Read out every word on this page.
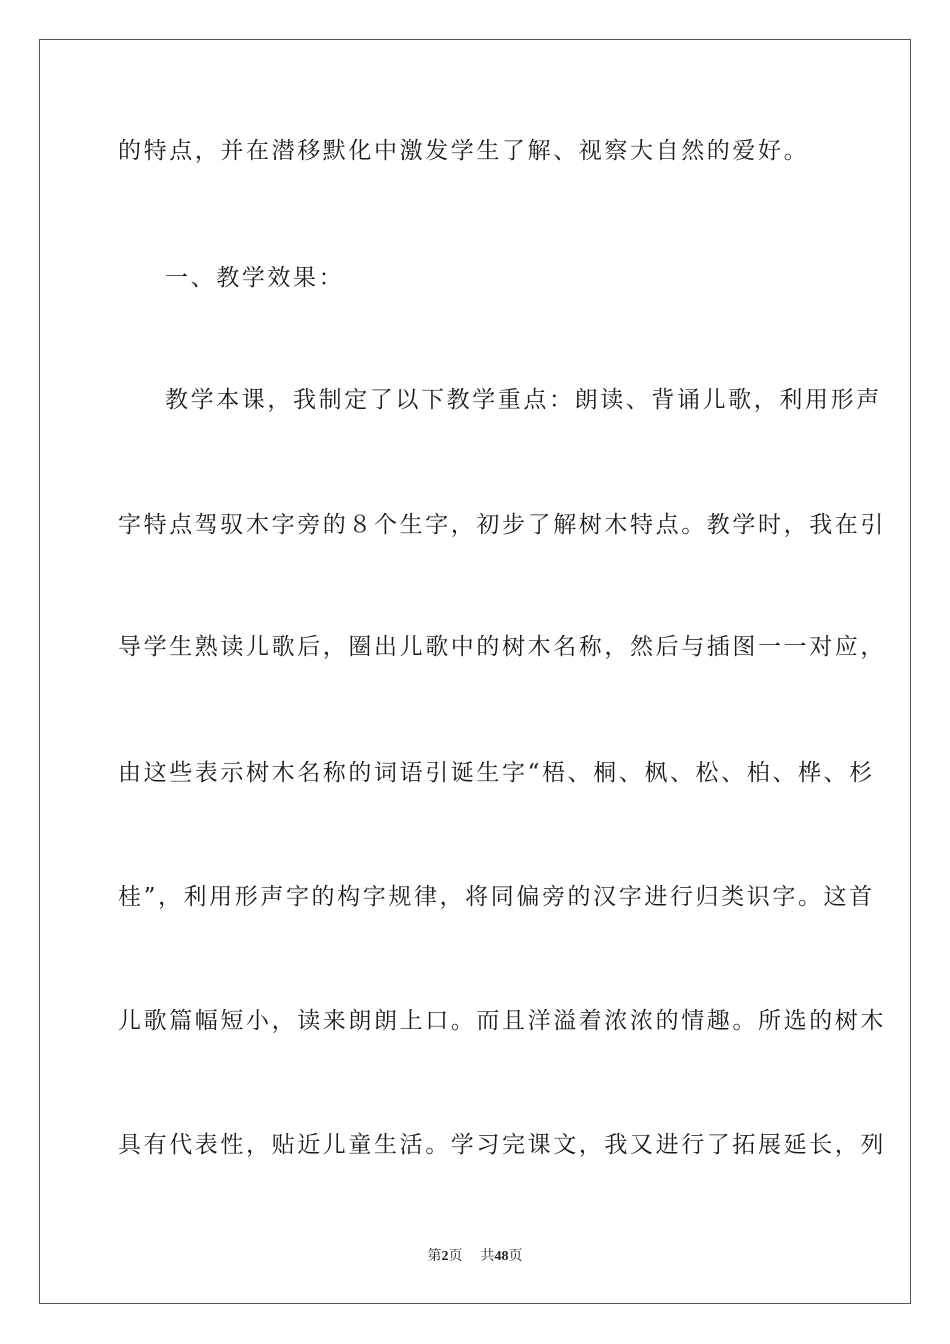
的特点，并在潜移默化中激发学生了解、视察大自然的爱好。
一、教学效果：
教学本课，我制定了以下教学重点：朗读、背诵儿歌，利用形声
字特点驾驭木字旁的８个生字，初步了解树木特点。教学时，我在引
导学生熟读儿歌后，圈出儿歌中的树木名称，然后与插图一一对应，
由这些表示树木名称的词语引诞生字“梧、桐、枫、松、柏、桦、杉
桂”，利用形声字的构字规律，将同偏旁的汉字进行归类识字。这首
儿歌篇幅短小，读来朗朗上口。而且洋溢着浓浓的情趣。所选的树木
具有代表性，贴近儿童生活。学习完课文，我又进行了拓展延长，列
第2页 共48页
